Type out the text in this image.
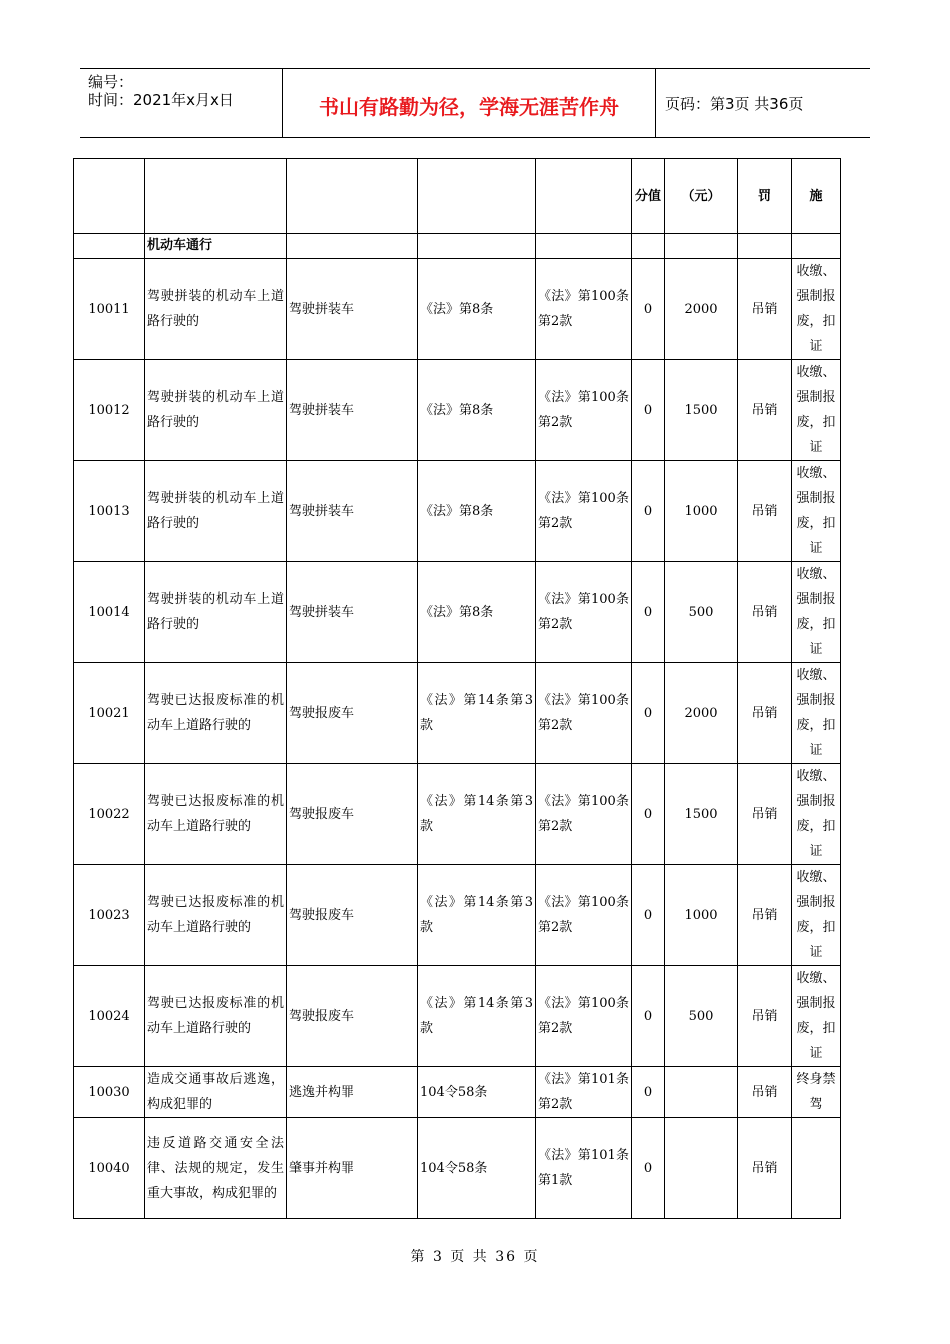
编号：
时间：2021年x月x日	书山有路勤为径，学海无涯苦作舟	页码：第3页 共36页
					分值	（元）	罚	施
	机动车通行							
10011	驾驶拼装的机动车上道路行驶的	驾驶拼装车	《法》第8条	《法》第100条第2款	0	2000	吊销	收缴、强制报废，扣证
10012	驾驶拼装的机动车上道路行驶的	驾驶拼装车	《法》第8条	《法》第100条第2款	0	1500	吊销	收缴、强制报废，扣证
10013	驾驶拼装的机动车上道路行驶的	驾驶拼装车	《法》第8条	《法》第100条第2款	0	1000	吊销	收缴、强制报废，扣证
10014	驾驶拼装的机动车上道路行驶的	驾驶拼装车	《法》第8条	《法》第100条第2款	0	500	吊销	收缴、强制报废，扣证
10021	驾驶已达报废标准的机动车上道路行驶的	驾驶报废车	《法》第14条第3款	《法》第100条第2款	0	2000	吊销	收缴、强制报废，扣证
10022	驾驶已达报废标准的机动车上道路行驶的	驾驶报废车	《法》第14条第3款	《法》第100条第2款	0	1500	吊销	收缴、强制报废，扣证
10023	驾驶已达报废标准的机动车上道路行驶的	驾驶报废车	《法》第14条第3款	《法》第100条第2款	0	1000	吊销	收缴、强制报废，扣证
10024	驾驶已达报废标准的机动车上道路行驶的	驾驶报废车	《法》第14条第3款	《法》第100条第2款	0	500	吊销	收缴、强制报废，扣证
10030	造成交通事故后逃逸，构成犯罪的	逃逸并构罪	104令58条	《法》第101条第2款	0		吊销	终身禁驾
10040	违反道路交通安全法律、法规的规定，发生重大事故，构成犯罪的	肇事并构罪	104令58条	《法》第101条第1款	0		吊销	
第 3 页 共 36 页
